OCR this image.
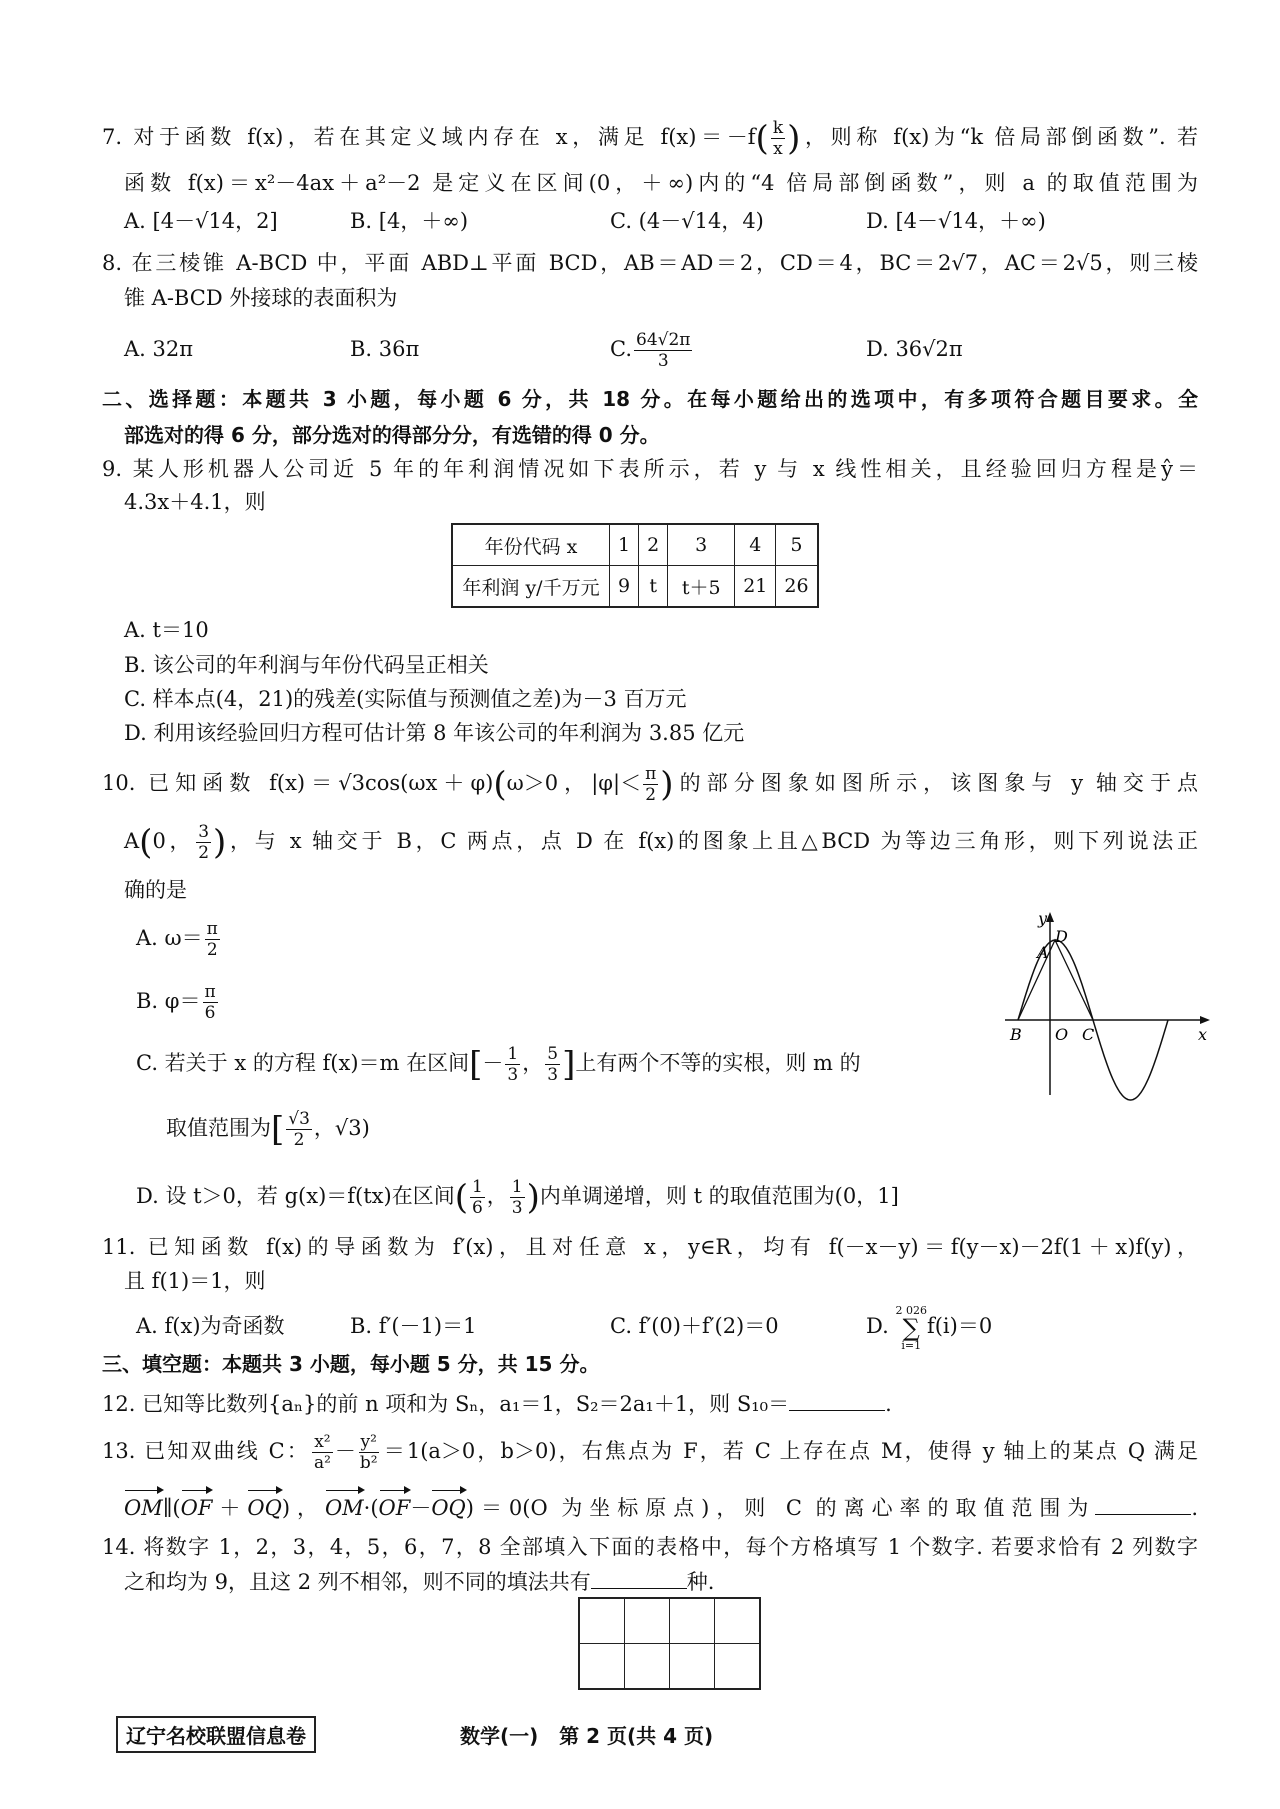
7. 对于函数 f(x)，若在其定义域内存在 x，满足 $f(x)=-f( \frac{k}{x}$ )，则称 f(x)为“k 倍局部倒函数”. 若
函数 f(x)＝x²－4ax＋a²－2 是定义在区间(0，＋∞)内的“4 倍局部倒函数”，则 a 的取值范围为
A. [4－√14，2]	B. [4，＋∞)	C. (4－√14，4)	D. [4－√14，＋∞)
8. 在三棱锥 A-BCD 中，平面 ABD⊥平面 BCD，AB＝AD＝2，CD＝4，BC＝2√7，AC＝2√5，则三棱
锥 A-BCD 外接球的表面积为
A. 32π	B. 36π	C. $\frac{64√2\pi}{3}$	D. 36√2π
二、选择题：本题共 3 小题，每小题 6 分，共 18 分。在每小题给出的选项中，有多项符合题目要求。全
部选对的得 6 分，部分选对的得部分分，有选错的得 0 分。
9. 某人形机器人公司近 5 年的年利润情况如下表所示，若 y 与 x 线性相关，且经验回归方程是ŷ＝
4.3x＋4.1，则
年份代码 x	1	2	3	4	5
年利润 y/千万元	9	t	t＋5	21	26
A. t＝10
B. 该公司的年利润与年份代码呈正相关
C. 样本点(4，21)的残差(实际值与预测值之差)为－3 百万元
D. 利用该经验回归方程可估计第 8 年该公司的年利润为 3.85 亿元
10. 已知函数 f(x)＝√3cos(ωx＋φ)(ω＞0，$|\varphi|< \frac{\pi}{2}$ )的部分图象如图所示，该图象与 y 轴交于点
A(0， $\frac{3}{2}$ )，与 x 轴交于 B，C 两点，点 D 在 f(x)的图象上且△BCD 为等边三角形，则下列说法正
确的是
A. $\omega= \frac{\pi}{2}$
B. $\varphi= \frac{\pi}{6}$
C. 若关于 x 的方程 f(x)＝m 在区间[－ $\frac{1}{3}$ ， $\frac{5}{3}$ ]上有两个不等的实根，则 m 的
取值范围为[ $\frac{√3}{2}$ ，√3)
D. 设 t＞0，若 g(x)＝f(tx)在区间( $\frac{1}{6}$ ， $\frac{1}{3}$ )内单调递增，则 t 的取值范围为(0，1]
y
D
A
B O C	x
11. 已知函数 f(x)的导函数为 f′(x)，且对任意 x，y∈R，均有 f(－x－y)＝f(y－x)－2f(1＋x)f(y)，
且 f(1)＝1，则
A. f(x)为奇函数	B. f′(－1)＝1	C. f′(0)＋f′(2)＝0	D.
2 026
∑
i=1
f(i)＝0
三、填空题：本题共 3 小题，每小题 5 分，共 15 分。
12. 已知等比数列{aₙ}的前 n 项和为 Sₙ，a₁＝1，S₂＝2a₁＋1，则 S₁₀＝	.
13. 已知双曲线 C： $\frac{\text{x²}}{\text{a²}} - \frac{\text{y²}}{\text{b²}} =1(a>0$，b＞0)，右焦点为 F，若 C 上存在点 M，使得 y 轴上的某点 Q 满足
OM∥(OF＋OQ)，OM·(OF－OQ)＝0(O 为坐标原点)，则 C 的离心率的取值范围为	.
14. 将数字 1，2，3，4，5，6，7，8 全部填入下面的表格中，每个方格填写 1 个数字. 若要求恰有 2 列数字
之和均为 9，且这 2 列不相邻，则不同的填法共有	种.

辽宁名校联盟信息卷	数学(一)   第 2 页(共 4 页)
